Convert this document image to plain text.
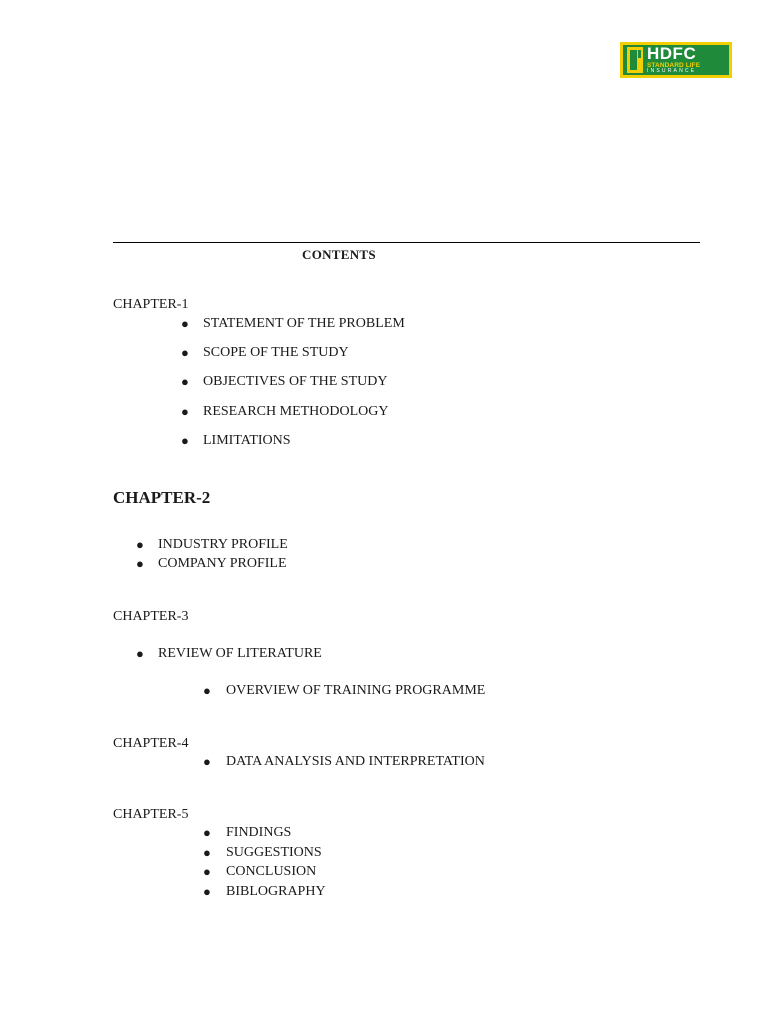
HDFC
STANDARD LIFE
INSURANCE
CONTENTS
CHAPTER-1
● STATEMENT OF THE PROBLEM
● SCOPE OF THE STUDY
● OBJECTIVES OF THE STUDY
● RESEARCH METHODOLOGY
● LIMITATIONS
CHAPTER-2
● INDUSTRY PROFILE
● COMPANY PROFILE
CHAPTER-3
● REVIEW OF LITERATURE
● OVERVIEW OF TRAINING PROGRAMME
CHAPTER-4
● DATA ANALYSIS AND INTERPRETATION
CHAPTER-5
● FINDINGS
● SUGGESTIONS
● CONCLUSION
● BIBLOGRAPHY
